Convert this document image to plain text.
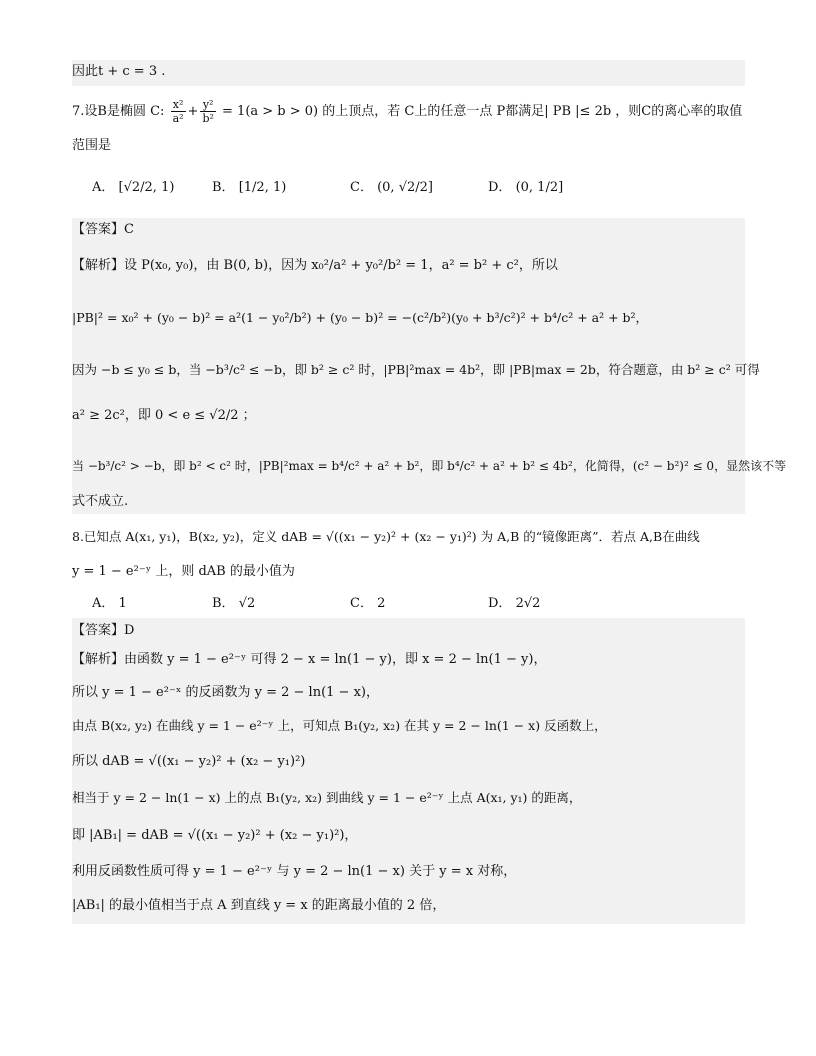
因此t + c = 3 .
7.设B是椭圆 C: $\frac{\text{x²}}{\text{a²}} + \frac{\text{y²}}{\text{b²}} = 1(a > b > 0)$ 的上顶点，若 C上的任意一点 P都满足| PB |≤ 2b ，则C的离心率的取值
范围是
A． [√2/2, 1)	B． [1/2, 1)	C． (0, √2/2]	D． (0, 1/2]
【答案】C
【解析】设 P(x₀, y₀)，由 B(0, b)，因为 x₀²/a² + y₀²/b² = 1，a² = b² + c²，所以
|PB|² = x₀² + (y₀ − b)² = a²(1 − y₀²/b²) + (y₀ − b)² = −(c²/b²)(y₀ + b³/c²)² + b⁴/c² + a² + b²，
因为 −b ≤ y₀ ≤ b，当 −b³/c² ≤ −b，即 b² ≥ c² 时，|PB|²max = 4b²，即 |PB|max = 2b，符合题意，由 b² ≥ c² 可得
a² ≥ 2c²，即 0 < e ≤ √2/2 ；
当 −b³/c² > −b，即 b² < c² 时，|PB|²max = b⁴/c² + a² + b²，即 b⁴/c² + a² + b² ≤ 4b²，化简得，(c² − b²)² ≤ 0，显然该不等
式不成立.
8.已知点 A(x₁, y₁)，B(x₂, y₂)，定义 dAB = √((x₁ − y₂)² + (x₂ − y₁)²) 为 A,B 的“镜像距离”．若点 A,B在曲线
y = 1 − e²⁻ʸ 上，则 dAB 的最小值为
A． 1	B． √2	C． 2	D． 2√2
【答案】D
【解析】由函数 y = 1 − e²⁻ʸ 可得 2 − x = ln(1 − y)，即 x = 2 − ln(1 − y)，
所以 y = 1 − e²⁻ˣ 的反函数为 y = 2 − ln(1 − x)，
由点 B(x₂, y₂) 在曲线 y = 1 − e²⁻ʸ 上，可知点 B₁(y₂, x₂) 在其 y = 2 − ln(1 − x) 反函数上，
所以 dAB = √((x₁ − y₂)² + (x₂ − y₁)²)
相当于 y = 2 − ln(1 − x) 上的点 B₁(y₂, x₂) 到曲线 y = 1 − e²⁻ʸ 上点 A(x₁, y₁) 的距离，
即 |AB₁| = dAB = √((x₁ − y₂)² + (x₂ − y₁)²)，
利用反函数性质可得 y = 1 − e²⁻ʸ 与 y = 2 − ln(1 − x) 关于 y = x 对称，
|AB₁| 的最小值相当于点 A 到直线 y = x 的距离最小值的 2 倍，
